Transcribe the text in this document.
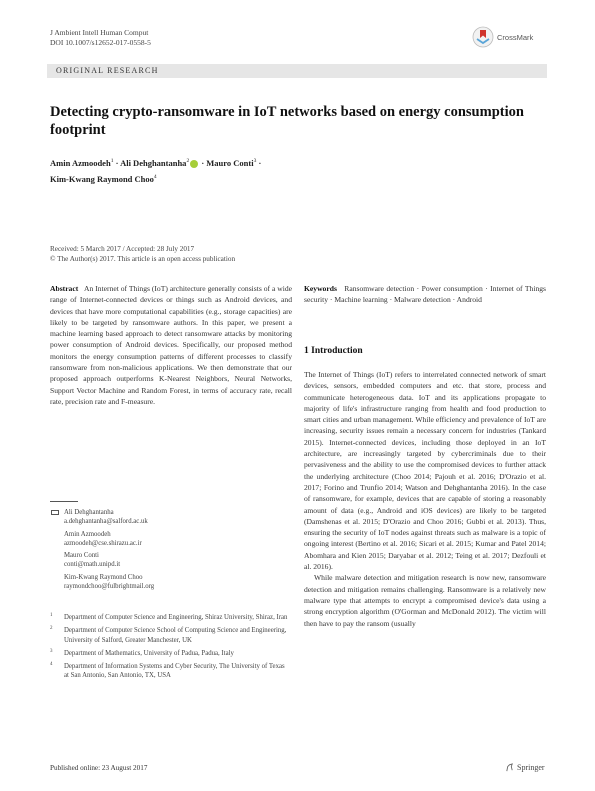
J Ambient Intell Human Comput
DOI 10.1007/s12652-017-0558-5
CrossMark
ORIGINAL RESEARCH
Detecting crypto-ransomware in IoT networks based on energy consumption footprint
Amin Azmoodeh$^1$ · Ali Dehghantanha$^2$ · Mauro Conti$^3$ ·
Kim-Kwang Raymond Choo$^4$
Received: 5 March 2017 / Accepted: 28 July 2017
© The Author(s) 2017. This article is an open access publication
Abstract An Internet of Things (IoT) architecture generally consists of a wide range of Internet-connected devices or things such as Android devices, and devices that have more computational capabilities (e.g., storage capacities) are likely to be targeted by ransomware authors. In this paper, we present a machine learning based approach to detect ransomware attacks by monitoring power consumption of Android devices. Specifically, our proposed method monitors the energy consumption patterns of different processes to classify ransomware from non-malicious applications. We then demonstrate that our proposed approach outperforms K-Nearest Neighbors, Neural Networks, Support Vector Machine and Random Forest, in terms of accuracy rate, recall rate, precision rate and F-measure.
Keywords Ransomware detection · Power consumption · Internet of Things security · Machine learning · Malware detection · Android
1 Introduction

The Internet of Things (IoT) refers to interrelated connected network of smart devices, sensors, embedded computers and etc. that store, process and communicate heterogeneous data. IoT and its applications propagate to majority of life's infrastructure ranging from health and food production to smart cities and urban management. While efficiency and prevalence of IoT are increasing, security issues remain a necessary concern for industries (Tankard 2015). Internet-connected devices, including those deployed in an IoT architecture, are increasingly targeted by cybercriminals due to their pervasiveness and the ability to use the compromised devices to further attack the underlying architecture (Choo 2014; Pajouh et al. 2016; D'Orazio et al. 2017; Forino and Trunfio 2014; Watson and Dehghantanha 2016). In the case of ransomware, for example, devices that are capable of storing a reasonably amount of data (e.g., Android and iOS devices) are likely to be targeted (Damshenas et al. 2015; D'Orazio and Choo 2016; Gubbi et al. 2013). Thus, ensuring the security of IoT nodes against threats such as malware is a topic of ongoing interest (Bertino et al. 2016; Sicari et al. 2015; Kumar and Patel 2014; Abomhara and Kien 2015; Daryabar et al. 2012; Teing et al. 2017; Dezfouli et al. 2016).

While malware detection and mitigation research is now new, ransomware detection and mitigation remains challenging. Ransomware is a relatively new malware type that attempts to encrypt a compromised device's data using a strong encryption algorithm (O'Gorman and McDonald 2012). The victim will then have to pay the ransom (usually

Ali Dehghantanha
a.dehghantanha@salford.ac.uk
Amin Azmoodeh
azmoodeh@cse.shirazu.ac.ir
Mauro Conti
conti@math.unipd.it
Kim-Kwang Raymond Choo
raymondchoo@fulbrightmail.org
1 Department of Computer Science and Engineering, Shiraz University, Shiraz, Iran
2 Department of Computer Science School of Computing Science and Engineering, University of Salford, Greater Manchester, UK
3 Department of Mathematics, University of Padua, Padua, Italy
4 Department of Information Systems and Cyber Security, The University of Texas at San Antonio, San Antonio, TX, USA
Published online: 23 August 2017	Springer
